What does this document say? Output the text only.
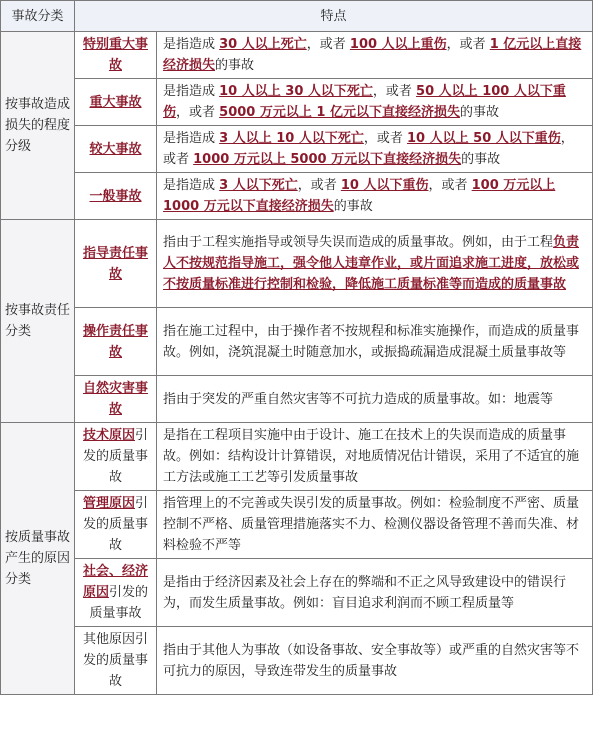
事故分类	特点	
按事故造成损失的程度分级	特别重大事故	是指造成 30 人以上死亡，或者 100 人以上重伤，或者 1 亿元以上直接经济损失的事故
	重大事故	是指造成 10 人以上 30 人以下死亡，或者 50 人以上 100 人以下重伤，或者 5000 万元以上 1 亿元以下直接经济损失的事故
	较大事故	是指造成 3 人以上 10 人以下死亡，或者 10 人以上 50 人以下重伤，或者 1000 万元以上 5000 万元以下直接经济损失的事故
	一般事故	是指造成 3 人以下死亡，或者 10 人以下重伤，或者 100 万元以上 1000 万元以下直接经济损失的事故
按事故责任分类	指导责任事故	指由于工程实施指导或领导失误而造成的质量事故。例如，由于工程负责人不按规范指导施工，强令他人违章作业，或片面追求施工进度，放松或不按质量标准进行控制和检验，降低施工质量标准等而造成的质量事故
	操作责任事故	指在施工过程中，由于操作者不按规程和标准实施操作，而造成的质量事故。例如，浇筑混凝土时随意加水，或振捣疏漏造成混凝土质量事故等
	自然灾害事故	指由于突发的严重自然灾害等不可抗力造成的质量事故。如：地震等
按质量事故产生的原因分类	技术原因引发的质量事故	是指在工程项目实施中由于设计、施工在技术上的失误而造成的质量事故。例如：结构设计计算错误，对地质情况估计错误，采用了不适宜的施工方法或施工工艺等引发质量事故
	管理原因引发的质量事故	指管理上的不完善或失误引发的质量事故。例如：检验制度不严密、质量控制不严格、质量管理措施落实不力、检测仪器设备管理不善而失准、材料检验不严等
	社会、经济原因引发的质量事故	是指由于经济因素及社会上存在的弊端和不正之风导致建设中的错误行为，而发生质量事故。例如：盲目追求利润而不顾工程质量等
	其他原因引发的质量事故	指由于其他人为事故（如设备事故、安全事故等）或严重的自然灾害等不可抗力的原因，导致连带发生的质量事故
